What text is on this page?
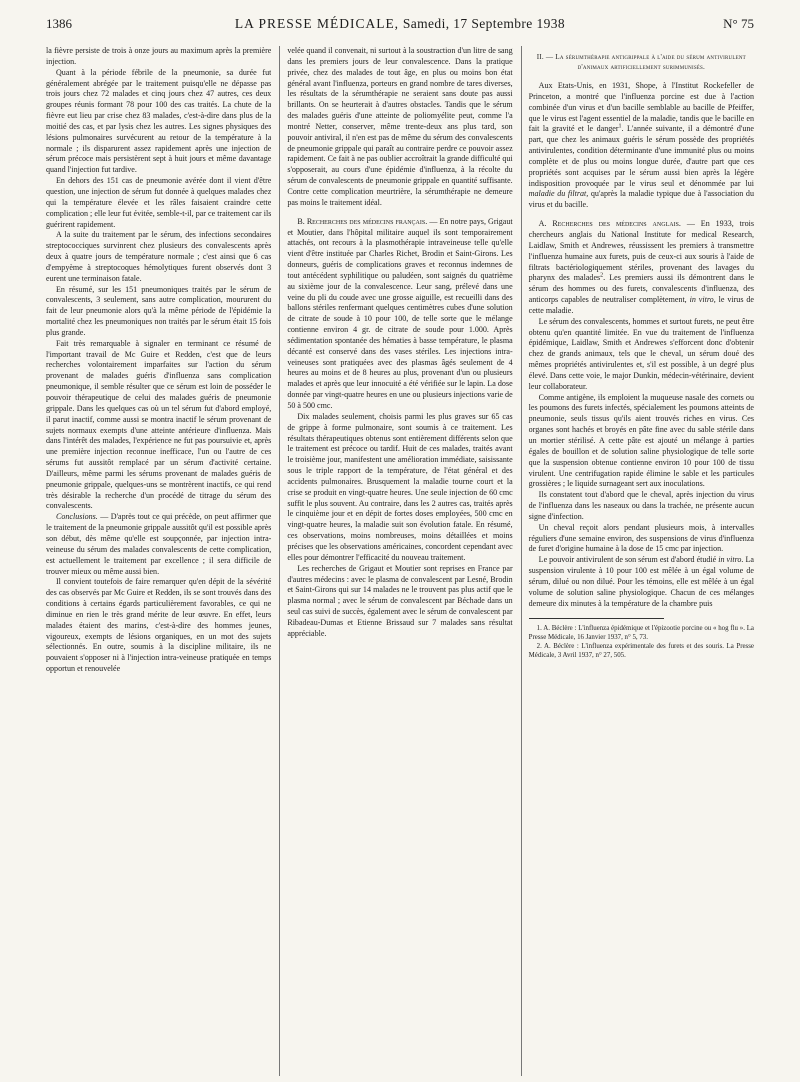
1386	LA PRESSE MÉDICALE, Samedi, 17 Septembre 1938	N° 75

la fièvre persiste de trois à onze jours au maximum après la première injection.

Quant à la période fébrile de la pneumonie, sa durée fut généralement abrégée par le traitement puisqu'elle ne dépasse pas trois jours chez 72 malades et cinq jours chez 47 autres, ces deux groupes réunis formant 78 pour 100 des cas traités. La chute de la fièvre eut lieu par crise chez 83 malades, c'est-à-dire dans plus de la moitié des cas, et par lysis chez les autres. Les signes physiques des lésions pulmonaires survécurent au retour de la température à la normale ; ils disparurent assez rapidement après une injection de sérum précoce mais persistèrent sept à huit jours et même davantage quand l'injection fut tardive.

En dehors des 151 cas de pneumonie avérée dont il vient d'être question, une injection de sérum fut donnée à quelques malades chez qui la température élevée et les râles faisaient craindre cette complication ; elle leur fut évitée, semble-t-il, par ce traitement car ils guérirent rapidement.

A la suite du traitement par le sérum, des infections secondaires streptococciques survinrent chez plusieurs des convalescents après deux à quatre jours de température normale ; c'est ainsi que 6 cas d'empyème à streptocoques hémolytiques furent observés dont 3 eurent une terminaison fatale.

En résumé, sur les 151 pneumoniques traités par le sérum de convalescents, 3 seulement, sans autre complication, moururent du fait de leur pneumonie alors qu'à la même période de l'épidémie la mortalité chez les pneumoniques non traités par le sérum était 15 fois plus grande.

Fait très remarquable à signaler en terminant ce résumé de l'important travail de Mc Guire et Redden, c'est que de leurs recherches volontairement imparfaites sur l'action du sérum provenant de malades guéris d'influenza sans complication pneumonique, il semble résulter que ce sérum est loin de posséder le pouvoir thérapeutique de celui des malades guéris de pneumonie grippale. Dans les quelques cas où un tel sérum fut d'abord employé, il parut inactif, comme aussi se montra inactif le sérum provenant de sujets normaux exempts d'une atteinte antérieure d'influenza. Mais dans l'intérêt des malades, l'expérience ne fut pas poursuivie et, après une première injection reconnue inefficace, l'un ou l'autre de ces sérums fut aussitôt remplacé par un sérum d'activité certaine. D'ailleurs, même parmi les sérums provenant de malades guéris de pneumonie grippale, quelques-uns se montrèrent inactifs, ce qui rend très désirable la recherche d'un procédé de titrage du sérum des convalescents.

Conclusions. — D'après tout ce qui précède, on peut affirmer que le traitement de la pneumonie grippale aussitôt qu'il est possible après son début, dès même qu'elle est soupçonnée, par injection intra-veineuse du sérum des malades convalescents de cette complication, est actuellement le traitement par excellence ; il sera difficile de trouver mieux ou même aussi bien.

Il convient toutefois de faire remarquer qu'en dépit de la sévérité des cas observés par Mc Guire et Redden, ils se sont trouvés dans des conditions à certains égards particulièrement favorables, ce qui ne diminue en rien le très grand mérite de leur œuvre. En effet, leurs malades étaient des marins, c'est-à-dire des hommes jeunes, vigoureux, exempts de lésions organiques, en un mot des sujets sélectionnés. En outre, soumis à la discipline militaire, ils ne pouvaient s'opposer ni à l'injection intra-veineuse pratiquée en temps opportun et renouvelée

velée quand il convenait, ni surtout à la soustraction d'un litre de sang dans les premiers jours de leur convalescence. Dans la pratique privée, chez des malades de tout âge, en plus ou moins bon état général avant l'influenza, porteurs en grand nombre de tares diverses, les résultats de la sérumthérapie ne seraient sans doute pas aussi brillants. On se heurterait à d'autres obstacles. Tandis que le sérum des malades guéris d'une atteinte de poliomyélite peut, comme l'a montré Netter, conserver, même trente-deux ans plus tard, son pouvoir antiviral, il n'en est pas de même du sérum des convalescents de pneumonie grippale qui paraît au contraire perdre ce pouvoir assez rapidement. Ce fait à ne pas oublier accroîtrait la grande difficulté qui s'opposerait, au cours d'une épidémie d'influenza, à la récolte du sérum de convalescents de pneumonie grippale en quantité suffisante. Contre cette complication meurtrière, la sérumthérapie ne demeure pas moins le traitement idéal.

B. Recherches des médecins français. — En notre pays, Grigaut et Moutier, dans l'hôpital militaire auquel ils sont temporairement attachés, ont recours à la plasmothérapie intraveineuse telle qu'elle vient d'être instituée par Charles Richet, Brodin et Saint-Girons. Les donneurs, guéris de complications graves et reconnus indemnes de tout antécédent syphilitique ou paludéen, sont saignés du quatrième au sixième jour de la convalescence. Leur sang, prélevé dans une veine du pli du coude avec une grosse aiguille, est recueilli dans des ballons stériles renfermant quelques centimètres cubes d'une solution de citrate de soude à 10 pour 100, de telle sorte que le mélange contienne environ 4 gr. de citrate de soude pour 1.000. Après sédimentation spontanée des hématies à basse température, le plasma décanté est conservé dans des vases stériles. Les injections intra-veineuses sont pratiquées avec des plasmas âgés seulement de 4 heures au moins et de 8 heures au plus, provenant d'un ou plusieurs malades et après que leur innocuité a été vérifiée sur le lapin. La dose donnée par vingt-quatre heures en une ou plusieurs injections varie de 50 à 500 cmc.

Dix malades seulement, choisis parmi les plus graves sur 65 cas de grippe à forme pulmonaire, sont soumis à ce traitement. Les résultats thérapeutiques obtenus sont entièrement différents selon que le traitement est précoce ou tardif. Huit de ces malades, traités avant le troisième jour, manifestent une amélioration immédiate, saisissante sous le triple rapport de la température, de l'état général et des accidents pulmonaires. Brusquement la maladie tourne court et la crise se produit en vingt-quatre heures. Une seule injection de 60 cmc suffit le plus souvent. Au contraire, dans les 2 autres cas, traités après le cinquième jour et en dépit de fortes doses employées, 500 cmc en vingt-quatre heures, la maladie suit son évolution fatale. En résumé, ces observations, moins nombreuses, moins détaillées et moins précises que les observations américaines, concordent cependant avec elles pour démontrer l'efficacité du nouveau traitement.

Les recherches de Grigaut et Moutier sont reprises en France par d'autres médecins : avec le plasma de convalescent par Lesné, Brodin et Saint-Girons qui sur 14 malades ne le trouvent pas plus actif que le plasma normal ; avec le sérum de convalescent par Béchade dans un seul cas suivi de succès, également avec le sérum de convalescent par Ribadeau-Dumas et Etienne Brissaud sur 7 malades sans résultat appréciable.

II. — La sérumthérapie antigrippale à l'aide du sérum antivirulent d'animaux artificiellement surimmunisés.

Aux Etats-Unis, en 1931, Shope, à l'Institut Rockefeller de Princeton, a montré que l'influenza porcine est due à l'action combinée d'un virus et d'un bacille semblable au bacille de Pfeiffer, que le virus est l'agent essentiel de la maladie, tandis que le bacille en fait la gravité et le danger$^1$. L'année suivante, il a démontré d'une part, que chez les animaux guéris le sérum possède des propriétés antivirulentes, condition déterminante d'une immunité plus ou moins complète et de plus ou moins longue durée, d'autre part que ces propriétés sont acquises par le sérum aussi bien après la légère indisposition provoquée par le virus seul et dénommée par lui maladie du filtrat, qu'après la maladie typique due à l'association du virus et du bacille.

A. Recherches des médecins anglais. — En 1933, trois chercheurs anglais du National Institute for medical Research, Laidlaw, Smith et Andrewes, réussissent les premiers à transmettre l'influenza humaine aux furets, puis de ceux-ci aux souris à l'aide de filtrats bactériologiquement stériles, provenant des lavages du pharynx des malades$^2$. Les premiers aussi ils démontrent dans le sérum des hommes ou des furets, convalescents d'influenza, des anticorps capables de neutraliser complètement, in vitro, le virus de cette maladie.

Le sérum des convalescents, hommes et surtout furets, ne peut être obtenu qu'en quantité limitée. En vue du traitement de l'influenza épidémique, Laidlaw, Smith et Andrewes s'efforcent donc d'obtenir chez de grands animaux, tels que le cheval, un sérum doué des mêmes propriétés antivirulentes et, s'il est possible, à un degré plus élevé. Dans cette voie, le major Dunkin, médecin-vétérinaire, devient leur collaborateur.

Comme antigène, ils emploient la muqueuse nasale des cornets ou les poumons des furets infectés, spécialement les poumons atteints de pneumonie, seuls tissus qu'ils aient trouvés riches en virus. Ces organes sont hachés et broyés en pâte fine avec du sable stérile dans un mortier stérilisé. A cette pâte est ajouté un mélange à parties égales de bouillon et de solution saline physiologique de telle sorte que la suspension obtenue contienne environ 10 pour 100 de tissu virulent. Une centrifugation rapide élimine le sable et les particules grossières ; le liquide surnageant sert aux inoculations.

Ils constatent tout d'abord que le cheval, après injection du virus de l'influenza dans les naseaux ou dans la trachée, ne présente aucun signe d'infection.

Un cheval reçoit alors pendant plusieurs mois, à intervalles réguliers d'une semaine environ, des suspensions de virus d'influenza de furet d'origine humaine à la dose de 15 cmc par injection.

Le pouvoir antivirulent de son sérum est d'abord étudié in vitro. La suspension virulente à 10 pour 100 est mêlée à un égal volume de sérum, dilué ou non dilué. Pour les témoins, elle est mêlée à un égal volume de solution saline physiologique. Chacun de ces mélanges demeure dix minutes à la température de la chambre puis

1. A. Béclère : L'influenza épidémique et l'épizootie porcine ou « hog flu ». La Presse Médicale, 16 Janvier 1937, n° 5, 73.

2. A. Béclère : L'influenza expérimentale des furets et des souris. La Presse Médicale, 3 Avril 1937, n° 27, 505.
